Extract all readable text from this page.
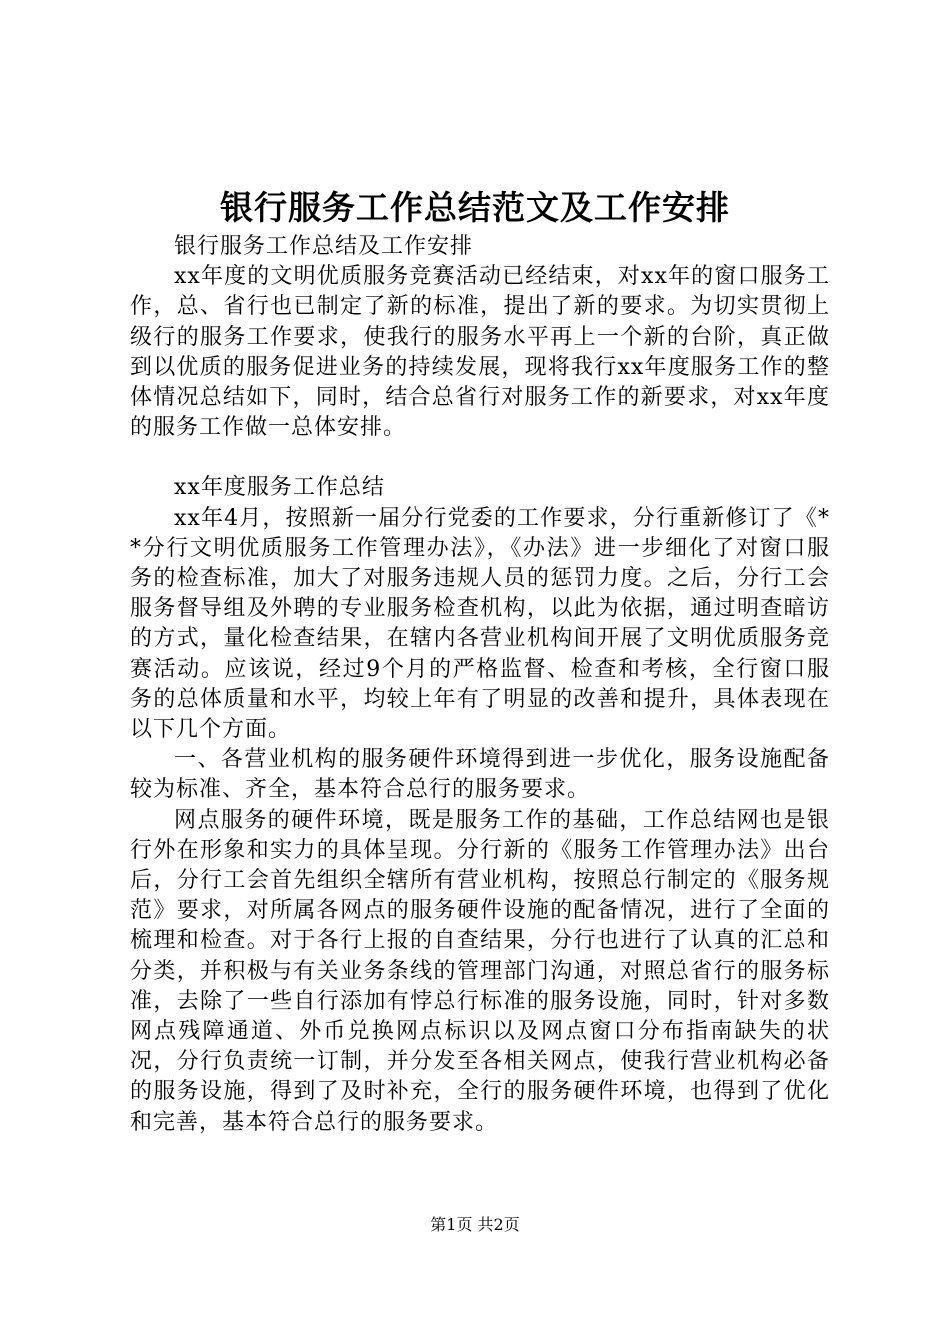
银行服务工作总结范文及工作安排

银行服务工作总结及工作安排

xx年度的文明优质服务竞赛活动已经结束，对xx年的窗口服务工作，总、省行也已制定了新的标准，提出了新的要求。为切实贯彻上级行的服务工作要求，使我行的服务水平再上一个新的台阶，真正做到以优质的服务促进业务的持续发展，现将我行xx年度服务工作的整体情况总结如下，同时，结合总省行对服务工作的新要求，对xx年度的服务工作做一总体安排。

xx年度服务工作总结

xx年4月，按照新一届分行党委的工作要求，分行重新修订了《**分行文明优质服务工作管理办法》，《办法》进一步细化了对窗口服务的检查标准，加大了对服务违规人员的惩罚力度。之后，分行工会服务督导组及外聘的专业服务检查机构，以此为依据，通过明查暗访的方式，量化检查结果，在辖内各营业机构间开展了文明优质服务竞赛活动。应该说，经过9个月的严格监督、检查和考核，全行窗口服务的总体质量和水平，均较上年有了明显的改善和提升，具体表现在以下几个方面。

一、各营业机构的服务硬件环境得到进一步优化，服务设施配备较为标准、齐全，基本符合总行的服务要求。

网点服务的硬件环境，既是服务工作的基础，工作总结网也是银行外在形象和实力的具体呈现。分行新的《服务工作管理办法》出台后，分行工会首先组织全辖所有营业机构，按照总行制定的《服务规范》要求，对所属各网点的服务硬件设施的配备情况，进行了全面的梳理和检查。对于各行上报的自查结果，分行也进行了认真的汇总和分类，并积极与有关业务条线的管理部门沟通，对照总省行的服务标准，去除了一些自行添加有悖总行标准的服务设施，同时，针对多数网点残障通道、外币兑换网点标识以及网点窗口分布指南缺失的状况，分行负责统一订制，并分发至各相关网点，使我行营业机构必备的服务设施，得到了及时补充，全行的服务硬件环境，也得到了优化和完善，基本符合总行的服务要求。

第1页 共2页
